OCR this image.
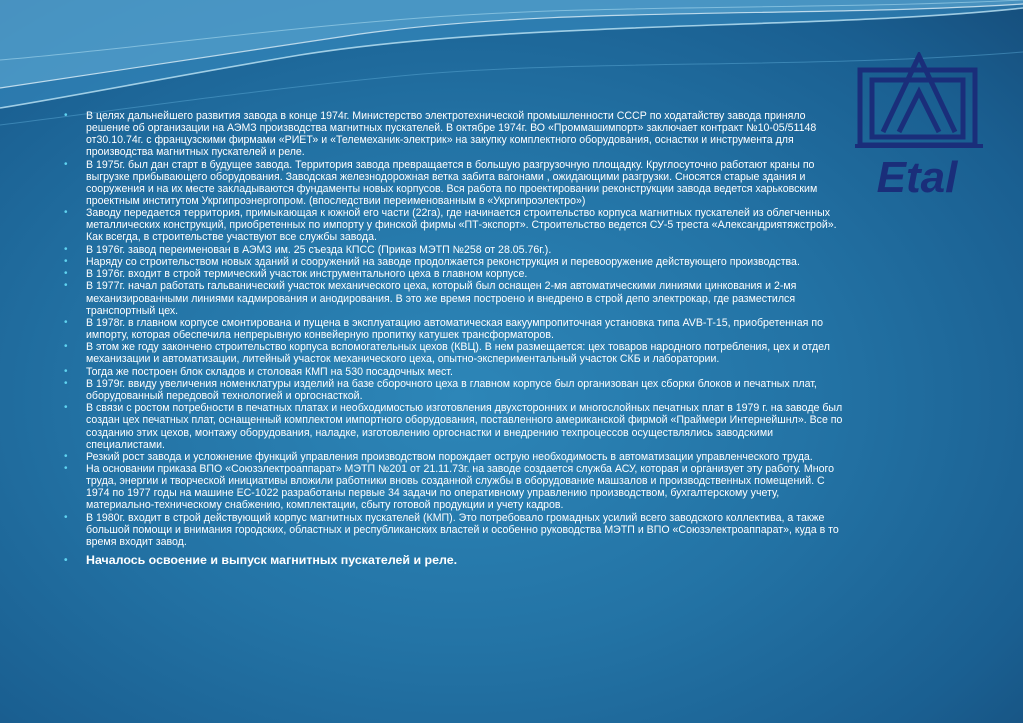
Etal
• В целях дальнейшего развития завода в конце 1974г. Министерство электротехнической промышленности СССР по ходатайству завода приняло решение об организации на АЭМЗ производства магнитных пускателей. В октябре 1974г. ВО «Проммашимпорт» заключает контракт №10-05/51148 от30.10.74г. с французскими фирмами «РИЕТ» и «Телемеханик-электрик» на закупку комплектного оборудования, оснастки и инструмента для производства магнитных пускателей и реле.
• В 1975г. был дан старт в будущее завода. Территория завода превращается в большую разгрузочную площадку. Круглосуточно работают краны по выгрузке прибывающего оборудования. Заводская железнодорожная ветка забита вагонами , ожидающими разгрузки. Сносятся старые здания и сооружения и на их месте закладываются фундаменты новых корпусов. Вся работа по проектировании реконструкции завода ведется харьковским проектным институтом Укргипроэнергопром. (впоследствии переименованным в «Укргипроэлектро»)
• Заводу передается территория, примыкающая к южной его части (22га), где начинается строительство корпуса магнитных пускателей из облегченных металлических конструкций, приобретенных по импорту у финской фирмы «ПТ-экспорт». Строительство ведется СУ-5 треста «Александриятяжстрой». Как всегда, в строительстве участвуют все службы завода.
• В 1976г. завод переименован в АЭМЗ им. 25 съезда КПСС (Приказ МЭТП №258 от 28.05.76г.).
• Наряду со строительством новых зданий и сооружений на заводе продолжается реконструкция и перевооружение действующего производства.
• В 1976г. входит в строй термический участок инструментального цеха в главном корпусе.
• В 1977г. начал работать гальванический участок механического цеха, который был оснащен 2-мя автоматическими линиями цинкования и 2-мя механизированными линиями кадмирования и анодирования. В это же время построено и внедрено в строй депо электрокар, где разместился транспортный цех.
• В 1978г. в главном корпусе смонтирована и пущена в эксплуатацию автоматическая вакуумпропиточная установка типа AVB-T-15, приобретенная по импорту, которая обеспечила непрерывную конвейерную пропитку катушек трансформаторов.
• В этом же году закончено строительство корпуса вспомогательных цехов (КВЦ). В нем размещается: цех товаров народного потребления, цех и отдел механизации и автоматизации, литейный участок механического цеха, опытно-экспериментальный участок СКБ и лаборатории.
• Тогда же построен блок складов и столовая КМП на 530 посадочных мест.
• В 1979г. ввиду увеличения номенклатуры изделий на базе сборочного цеха в главном корпусе был организован цех сборки блоков и печатных плат, оборудованный передовой технологией и оргоснасткой.
• В связи с ростом потребности в печатных платах и необходимостью изготовления двухсторонних и многослойных печатных плат в 1979 г. на заводе был создан цех печатных плат, оснащенный комплектом импортного оборудования, поставленного американской фирмой «Праймери Интернейшнл». Все по созданию этих цехов, монтажу оборудования, наладке, изготовлению оргоснастки и внедрению техпроцессов осуществлялись заводскими специалистами.
• Резкий рост завода и усложнение функций управления производством порождает острую необходимость в автоматизации управленческого труда.
• На основании приказа ВПО «Союзэлектроаппарат» МЭТП №201 от 21.11.73г. на заводе создается служба АСУ, которая и организует эту работу. Много труда, энергии и творческой инициативы вложили работники вновь созданной службы в оборудование машзалов и производственных помещений. С 1974 по 1977 годы на машине ЕС-1022 разработаны первые 34 задачи по оперативному управлению производством, бухгалтерскому учету, материально-техническому снабжению, комплектации, сбыту готовой продукции и учету кадров.
• В 1980г. входит в строй действующий корпус магнитных пускателей (КМП). Это потребовало громадных усилий всего заводского коллектива, а также большой помощи и внимания городских, областных и республиканских властей и особенно руководства МЭТП и ВПО «Союзэлектроаппарат», куда в то время входит завод.
• Началось освоение и выпуск магнитных пускателей и реле.
